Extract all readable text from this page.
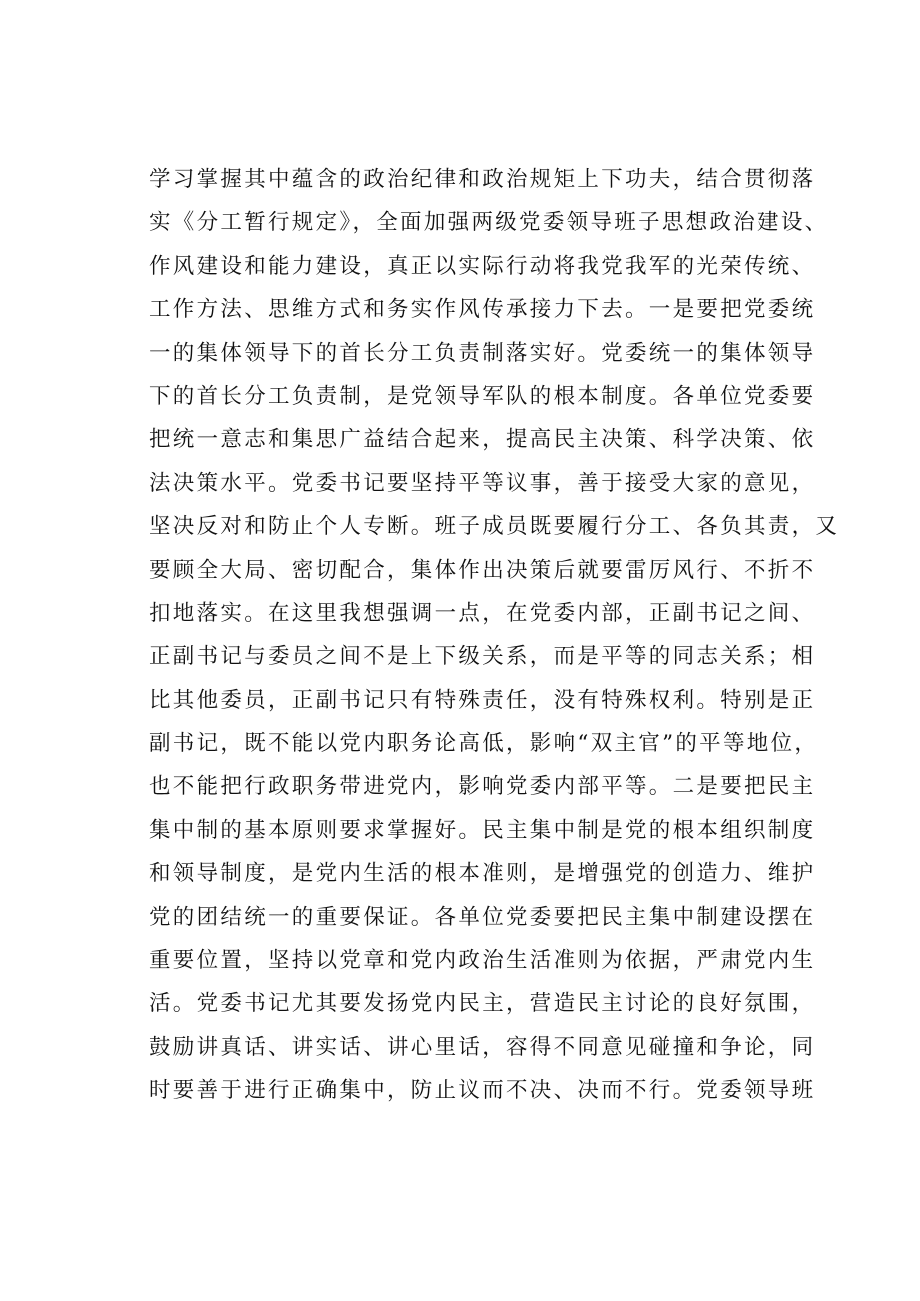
学习掌握其中蕴含的政治纪律和政治规矩上下功夫，结合贯彻落
实《分工暂行规定》，全面加强两级党委领导班子思想政治建设、
作风建设和能力建设，真正以实际行动将我党我军的光荣传统、
工作方法、思维方式和务实作风传承接力下去。一是要把党委统
一的集体领导下的首长分工负责制落实好。党委统一的集体领导
下的首长分工负责制，是党领导军队的根本制度。各单位党委要
把统一意志和集思广益结合起来，提高民主决策、科学决策、依
法决策水平。党委书记要坚持平等议事，善于接受大家的意见，
坚决反对和防止个人专断。班子成员既要履行分工、各负其责，又
要顾全大局、密切配合，集体作出决策后就要雷厉风行、不折不
扣地落实。在这里我想强调一点，在党委内部，正副书记之间、
正副书记与委员之间不是上下级关系，而是平等的同志关系；相
比其他委员，正副书记只有特殊责任，没有特殊权利。特别是正
副书记，既不能以党内职务论高低，影响“双主官”的平等地位，
也不能把行政职务带进党内，影响党委内部平等。二是要把民主
集中制的基本原则要求掌握好。民主集中制是党的根本组织制度
和领导制度，是党内生活的根本准则，是增强党的创造力、维护
党的团结统一的重要保证。各单位党委要把民主集中制建设摆在
重要位置，坚持以党章和党内政治生活准则为依据，严肃党内生
活。党委书记尤其要发扬党内民主，营造民主讨论的良好氛围，
鼓励讲真话、讲实话、讲心里话，容得不同意见碰撞和争论，同
时要善于进行正确集中，防止议而不决、决而不行。党委领导班
